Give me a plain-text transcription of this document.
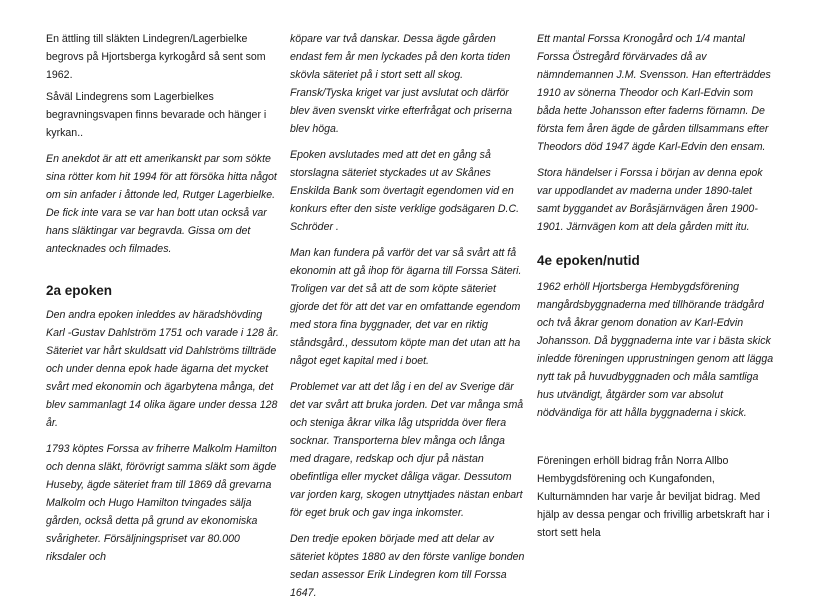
En ättling till släkten Lindegren/Lagerbielke begrovs på Hjortsberga kyrkogård så sent som 1962.

Såväl Lindegrens som Lagerbielkes begravningsvapen finns bevarade och hänger i kyrkan..

En anekdot är att ett amerikanskt par som sökte sina rötter kom hit 1994 för att försöka hitta något om sin anfader i åttonde led, Rutger Lagerbielke. De fick inte vara se var han bott utan också var hans släktingar var begravda. Gissa om det antecknades och filmades.

2a epoken

Den andra epoken inleddes av häradshövding Karl -Gustav Dahlström 1751 och varade i 128 år. Säteriet var hårt skuldsatt vid Dahlströms tillträde och under denna epok hade ägarna det mycket svårt med ekonomin och ägarbytena många, det blev sammanlagt 14 olika ägare under dessa 128 år.

1793 köptes Forssa av friherre Malkolm Hamilton och denna släkt, förövrigt samma släkt som ägde Huseby, ägde säteriet fram till 1869 då grevarna Malkolm och Hugo Hamilton tvingades sälja gården, också detta på grund av ekonomiska svårigheter. Försäljningspriset var 80.000 riksdaler och

köpare var två danskar. Dessa ägde gården endast fem år men lyckades på den korta tiden skövla säteriet på i stort sett all skog. Fransk/Tyska kriget var just avslutat och därför blev även svenskt virke efterfrågat och priserna blev höga.

Epoken avslutades med att det en gång så storslagna säteriet styckades ut av Skånes Enskilda Bank som övertagit egendomen vid en konkurs efter den siste verklige godsägaren D.C. Schröder .

Man kan fundera på varför det var så svårt att få ekonomin att gå ihop för ägarna till Forssa Säteri. Troligen var det så att de som köpte säteriet gjorde det för att det var en omfattande egendom med stora fina byggnader, det var en riktig ståndsgård., dessutom köpte man det utan att ha något eget kapital med i boet.

Problemet var att det låg i en del av Sverige där det var svårt att bruka jorden. Det var många små och steniga åkrar vilka låg utspridda över flera socknar. Transporterna blev många och långa med dragare, redskap och djur på nästan obefintliga eller mycket dåliga vägar. Dessutom var jorden karg, skogen utnyttjades nästan enbart för eget bruk och gav inga inkomster.

Den tredje epoken började med att delar av säteriet köptes 1880 av den förste vanlige bonden sedan assessor Erik Lindegren kom till Forssa 1647.

Ett mantal Forssa Kronogård och 1/4 mantal Forssa Östregård förvärvades då av nämndemannen J.M. Svensson. Han efterträddes 1910 av sönerna Theodor och Karl-Edvin som båda hette Johansson efter faderns förnamn. De första fem åren ägde de gården tillsammans efter Theodors död 1947 ägde Karl-Edvin den ensam.

Stora händelser i Forssa i början av denna epok var uppodlandet av maderna under 1890-talet samt byggandet av Boråsjärnvägen åren 1900-1901. Järnvägen kom att dela gården mitt itu.

4e epoken/nutid

1962 erhöll Hjortsberga Hembygdsförening mangårdsbyggnaderna med tillhörande trädgård och två åkrar genom donation av Karl-Edvin Johansson. Då byggnaderna inte var i bästa skick inledde föreningen upprustningen genom att lägga nytt tak på huvudbyggnaden och måla samtliga hus utvändigt, åtgärder som var absolut nödvändiga för att hålla byggnaderna i skick.

Föreningen erhöll bidrag från Norra Allbo Hembygdsförening och Kungafonden, Kulturnämnden har varje år beviljat bidrag. Med hjälp av dessa pengar och frivillig arbetskraft har i stort sett hela
